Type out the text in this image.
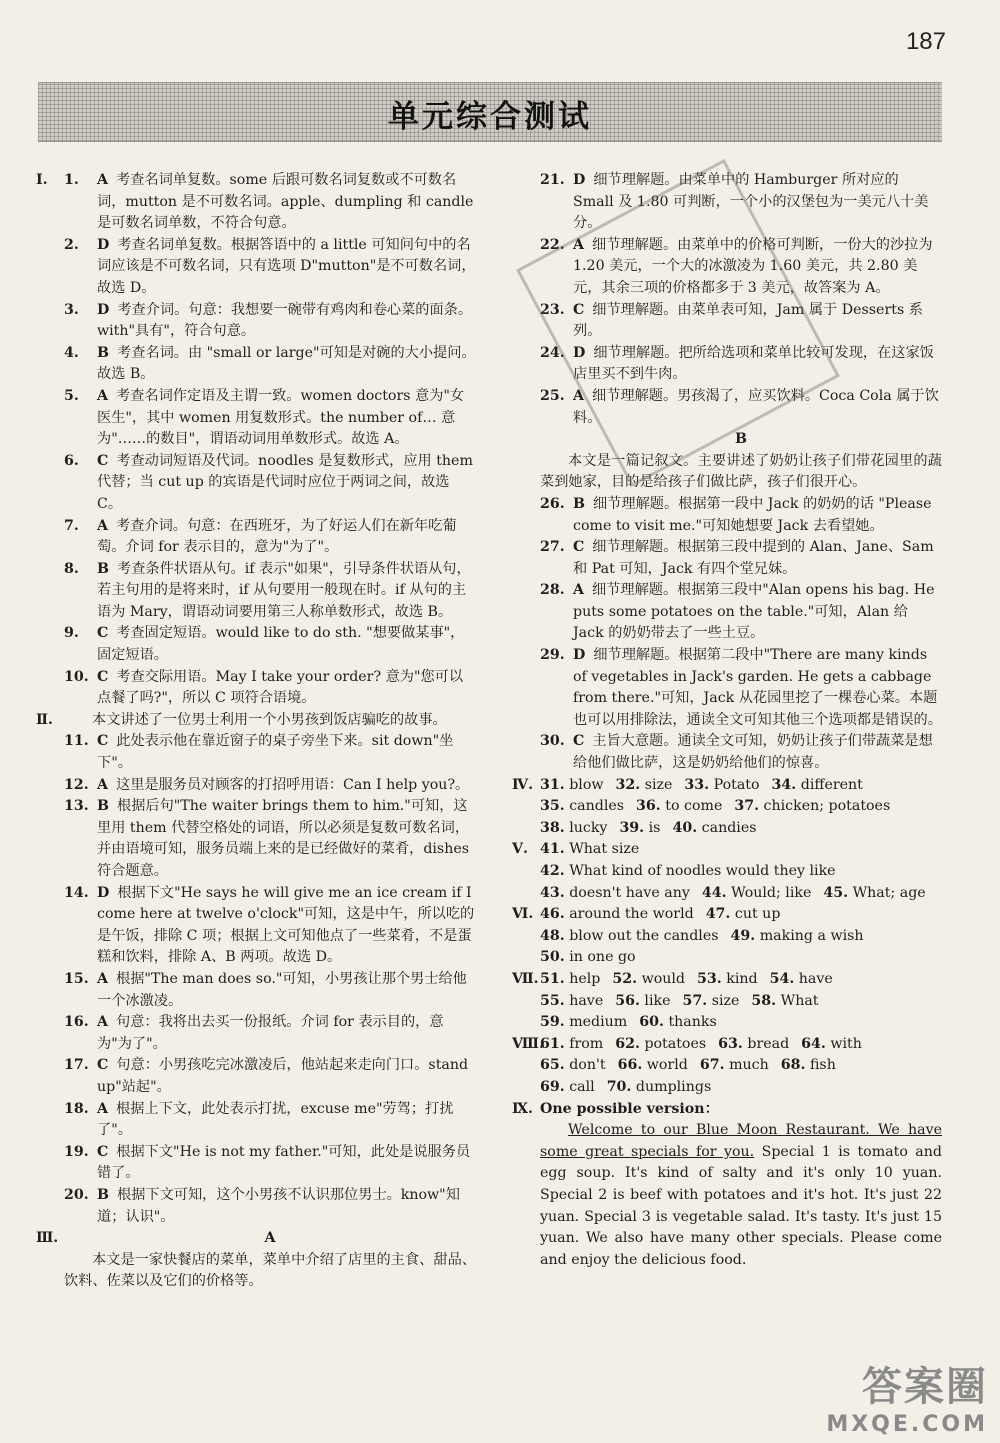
187
单元综合测试
Ⅰ. 1. A 考查名词单复数。some 后跟可数名词复数或不可数名词，mutton 是不可数名词。apple、dumpling 和 candle 是可数名词单数，不符合句意。
2. D 考查名词单复数。根据答语中的 a little 可知问句中的名词应该是不可数名词，只有选项 D"mutton"是不可数名词，故选 D。
3. D 考查介词。句意：我想要一碗带有鸡肉和卷心菜的面条。with"具有"，符合句意。
4. B 考查名词。由 "small or large"可知是对碗的大小提问。故选 B。
5. A 考查名词作定语及主谓一致。women doctors 意为"女医生"，其中 women 用复数形式。the number of… 意为"……的数目"，谓语动词用单数形式。故选 A。
6. C 考查动词短语及代词。noodles 是复数形式，应用 them 代替；当 cut up 的宾语是代词时应位于两词之间，故选 C。
7. A 考查介词。句意：在西班牙，为了好运人们在新年吃葡萄。介词 for 表示目的，意为"为了"。
8. B 考查条件状语从句。if 表示"如果"，引导条件状语从句，若主句用的是将来时，if 从句要用一般现在时。if 从句的主语为 Mary，谓语动词要用第三人称单数形式，故选 B。
9. C 考查固定短语。would like to do sth. "想要做某事"，固定短语。
10. C 考查交际用语。May I take your order? 意为"您可以点餐了吗?"，所以 C 项符合语境。
Ⅱ.	本文讲述了一位男士利用一个小男孩到饭店骗吃的故事。
11. C 此处表示他在靠近窗子的桌子旁坐下来。sit down"坐下"。
12. A 这里是服务员对顾客的打招呼用语：Can I help you?。
13. B 根据后句"The waiter brings them to him."可知，这里用 them 代替空格处的词语，所以必须是复数可数名词，并由语境可知，服务员端上来的是已经做好的菜肴，dishes 符合题意。
14. D 根据下文"He says he will give me an ice cream if I come here at twelve o'clock"可知，这是中午，所以吃的是午饭，排除 C 项；根据上文可知他点了一些菜肴，不是蛋糕和饮料，排除 A、B 两项。故选 D。
15. A 根据"The man does so."可知，小男孩让那个男士给他一个冰激凌。
16. A 句意：我将出去买一份报纸。介词 for 表示目的，意为"为了"。
17. C 句意：小男孩吃完冰激凌后，他站起来走向门口。stand up"站起"。
18. A 根据上下文，此处表示打扰，excuse me"劳驾；打扰了"。
19. C 根据下文"He is not my father."可知，此处是说服务员错了。
20. B 根据下文可知，这个小男孩不认识那位男士。know"知道；认识"。
Ⅲ.	A
本文是一家快餐店的菜单，菜单中介绍了店里的主食、甜品、饮料、佐菜以及它们的价格等。
21. D 细节理解题。由菜单中的 Hamburger 所对应的 Small 及 1.80 可判断，一个小的汉堡包为一美元八十美分。
22. A 细节理解题。由菜单中的价格可判断，一份大的沙拉为 1.20 美元，一个大的冰激凌为 1.60 美元，共 2.80 美元，其余三项的价格都多于 3 美元，故答案为 A。
23. C 细节理解题。由菜单表可知，Jam 属于 Desserts 系列。
24. D 细节理解题。把所给选项和菜单比较可发现，在这家饭店里买不到牛肉。
25. A 细节理解题。男孩渴了，应买饮料。Coca Cola 属于饮料。
B
本文是一篇记叙文。主要讲述了奶奶让孩子们带花园里的蔬菜到她家，目的是给孩子们做比萨，孩子们很开心。
26. B 细节理解题。根据第一段中 Jack 的奶奶的话 "Please come to visit me."可知她想要 Jack 去看望她。
27. C 细节理解题。根据第三段中提到的 Alan、Jane、Sam 和 Pat 可知，Jack 有四个堂兄妹。
28. A 细节理解题。根据第三段中"Alan opens his bag. He puts some potatoes on the table."可知，Alan 给 Jack 的奶奶带去了一些土豆。
29. D 细节理解题。根据第二段中"There are many kinds of vegetables in Jack's garden. He gets a cabbage from there."可知，Jack 从花园里挖了一棵卷心菜。本题也可以用排除法，通读全文可知其他三个选项都是错误的。
30. C 主旨大意题。通读全文可知，奶奶让孩子们带蔬菜是想给他们做比萨，这是奶奶给他们的惊喜。
Ⅳ. 31. blow 32. size 33. Potato 34. different
35. candles 36. to come 37. chicken; potatoes
38. lucky 39. is 40. candies
Ⅴ. 41. What size
42. What kind of noodles would they like
43. doesn't have any 44. Would; like 45. What; age
Ⅵ. 46. around the world 47. cut up
48. blow out the candles 49. making a wish
50. in one go
Ⅶ. 51. help 52. would 53. kind 54. have
55. have 56. like 57. size 58. What
59. medium 60. thanks
Ⅷ.
61. from 62. potatoes 63. bread 64. with
65. don't 66. world 67. much 68. fish
69. call 70. dumplings
Ⅸ. One possible version：
Welcome to our Blue Moon Restaurant. We have some great specials for you. Special 1 is tomato and egg soup. It's kind of salty and it's only 10 yuan. Special 2 is beef with potatoes and it's hot. It's just 22 yuan. Special 3 is vegetable salad. It's tasty. It's just 15 yuan. We also have many other specials. Please come and enjoy the delicious food.
答案圈
MXQE.COM
